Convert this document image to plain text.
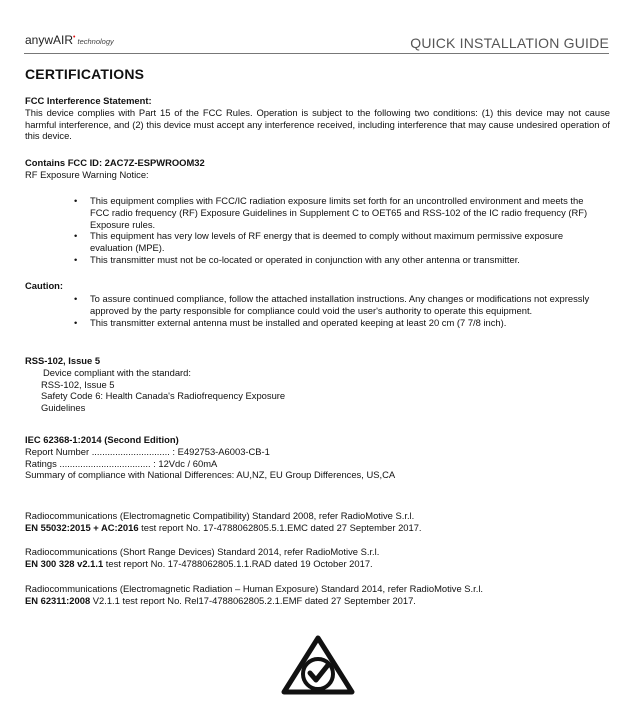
anywAIR• technology	QUICK INSTALLATION GUIDE
CERTIFICATIONS
FCC Interference Statement:
This device complies with Part 15 of the FCC Rules. Operation is subject to the following two conditions: (1) this device may not cause harmful interference, and (2) this device must accept any interference received, including interference that may cause undesired operation of this device.
Contains FCC ID: 2AC7Z-ESPWROOM32
RF Exposure Warning Notice:
• This equipment complies with FCC/IC radiation exposure limits set forth for an uncontrolled environment and meets the FCC radio frequency (RF) Exposure Guidelines in Supplement C to OET65 and RSS-102 of the IC radio frequency (RF) Exposure rules.
• This equipment has very low levels of RF energy that is deemed to comply without maximum permissive exposure evaluation (MPE).
• This transmitter must not be co-located or operated in conjunction with any other antenna or transmitter.
Caution:
• To assure continued compliance, follow the attached installation instructions. Any changes or modifications not expressly approved by the party responsible for compliance could void the user's authority to operate this equipment.
• This transmitter external antenna must be installed and operated keeping at least 20 cm (7 7/8 inch).
RSS-102, Issue 5
Device compliant with the standard:
RSS-102, Issue 5
Safety Code 6: Health Canada's Radiofrequency Exposure
Guidelines
IEC 62368-1:2014 (Second Edition)
Report Number .............................. : E492753-A6003-CB-1
Ratings ................................... : 12Vdc / 60mA
Summary of compliance with National Differences: AU,NZ, EU Group Differences, US,CA
Radiocommunications (Electromagnetic Compatibility) Standard 2008, refer RadioMotive S.r.l.
EN 55032:2015 + AC:2016 test report No. 17-4788062805.5.1.EMC dated 27 September 2017.
Radiocommunications (Short Range Devices) Standard 2014, refer RadioMotive S.r.l.
EN 300 328 v2.1.1 test report No. 17-4788062805.1.1.RAD dated 19 October 2017.
Radiocommunications (Electromagnetic Radiation – Human Exposure) Standard 2014, refer RadioMotive S.r.l.
EN 62311:2008 V2.1.1 test report No. Rel17-4788062805.2.1.EMF dated 27 September 2017.
